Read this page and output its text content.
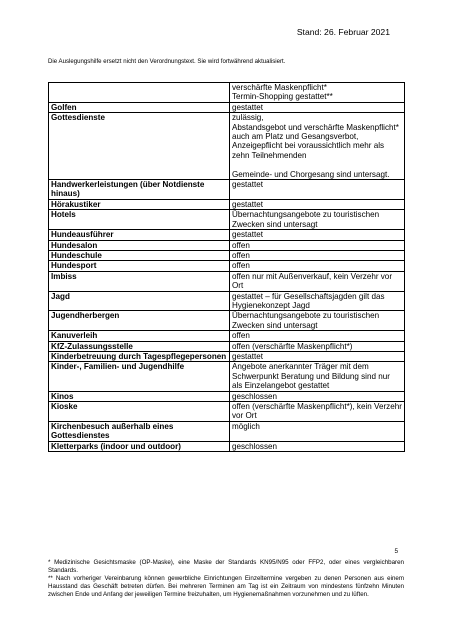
Stand: 26. Februar 2021
Die Auslegungshilfe ersetzt nicht den Verordnungstext. Sie wird fortwährend aktualisiert.
	verschärfte Maskenpflicht*
Termin-Shopping gestattet**
Golfen	gestattet
Gottesdienste	zulässig,
Abstandsgebot und verschärfte Maskenpflicht* auch am Platz und Gesangsverbot, Anzeigepflicht bei voraussichtlich mehr als zehn Teilnehmenden

Gemeinde- und Chorgesang sind untersagt.
Handwerkerleistungen (über Notdienste hinaus)	gestattet
Hörakustiker	gestattet
Hotels	Übernachtungsangebote zu touristischen Zwecken sind untersagt
Hundeausführer	gestattet
Hundesalon	offen
Hundeschule	offen
Hundesport	offen
Imbiss	offen nur mit Außenverkauf, kein Verzehr vor Ort
Jagd	gestattet – für Gesellschaftsjagden gilt das Hygienekonzept Jagd
Jugendherbergen	Übernachtungsangebote zu touristischen Zwecken sind untersagt
Kanuverleih	offen
KfZ-Zulassungsstelle	offen (verschärfte Maskenpflicht*)
Kinderbetreuung durch Tagespflegepersonen	gestattet
Kinder-, Familien- und Jugendhilfe	Angebote anerkannter Träger mit dem Schwerpunkt Beratung und Bildung sind nur als Einzelangebot gestattet
Kinos	geschlossen
Kioske	offen (verschärfte Maskenpflicht*), kein Verzehr vor Ort
Kirchenbesuch außerhalb eines Gottesdienstes	möglich
Kletterparks (indoor und outdoor)	geschlossen
5

* Medizinische Gesichtsmaske (OP-Maske), eine Maske der Standards KN95/N95 oder FFP2, oder eines vergleichbaren Standards.

** Nach vorheriger Vereinbarung können gewerbliche Einrichtungen Einzeltermine vergeben zu denen Personen aus einem Hausstand das Geschäft betreten dürfen. Bei mehreren Terminen am Tag ist ein Zeitraum von mindestens fünfzehn Minuten zwischen Ende und Anfang der jeweiligen Termine freizuhalten, um Hygienemaßnahmen vorzunehmen und zu lüften.
